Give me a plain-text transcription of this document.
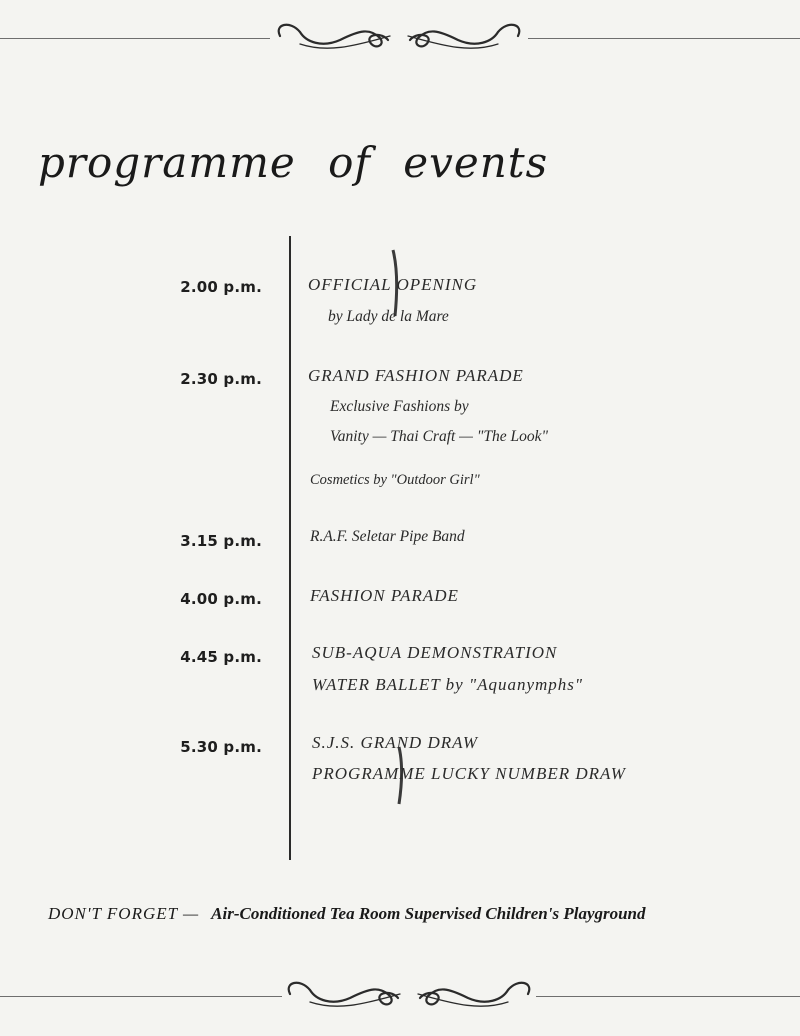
programme of events
2.00 p.m.	OFFICIAL OPENING
by Lady de la Mare
2.30 p.m.	GRAND FASHION PARADE
Exclusive Fashions by
Vanity — Thai Craft — "The Look"
Cosmetics by "Outdoor Girl"
3.15 p.m.	R.A.F. Seletar Pipe Band
4.00 p.m.	FASHION PARADE
4.45 p.m.	SUB-AQUA DEMONSTRATION
WATER BALLET by "Aquanymphs"
5.30 p.m.	S.J.S. GRAND DRAW
PROGRAMME LUCKY NUMBER DRAW
DON'T FORGET — Air-Conditioned Tea Room Supervised Children's Playground
